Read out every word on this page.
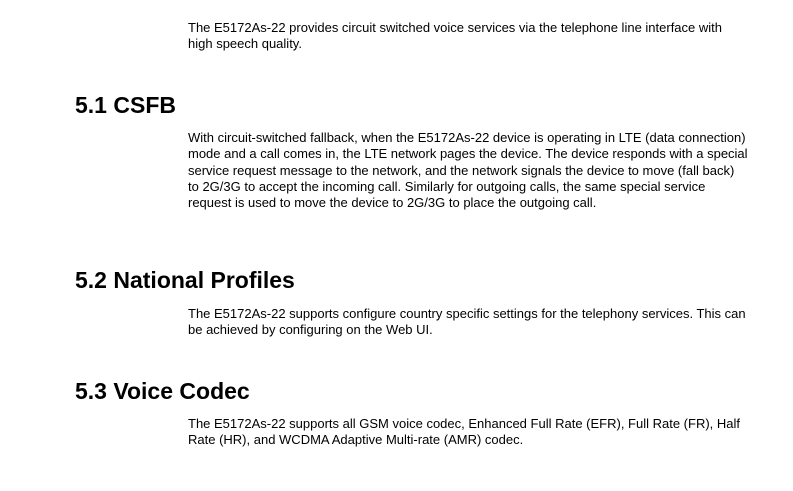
The E5172As-22 provides circuit switched voice services via the telephone line interface with high speech quality.

5.1 CSFB

With circuit-switched fallback, when the E5172As-22 device is operating in LTE (data connection) mode and a call comes in, the LTE network pages the device. The device responds with a special service request message to the network, and the network signals the device to move (fall back) to 2G/3G to accept the incoming call. Similarly for outgoing calls, the same special service request is used to move the device to 2G/3G to place the outgoing call.

5.2 National Profiles

The E5172As-22 supports configure country specific settings for the telephony services. This can be achieved by configuring on the Web UI.

5.3 Voice Codec

The E5172As-22 supports all GSM voice codec, Enhanced Full Rate (EFR), Full Rate (FR), Half Rate (HR), and WCDMA Adaptive Multi-rate (AMR) codec.
